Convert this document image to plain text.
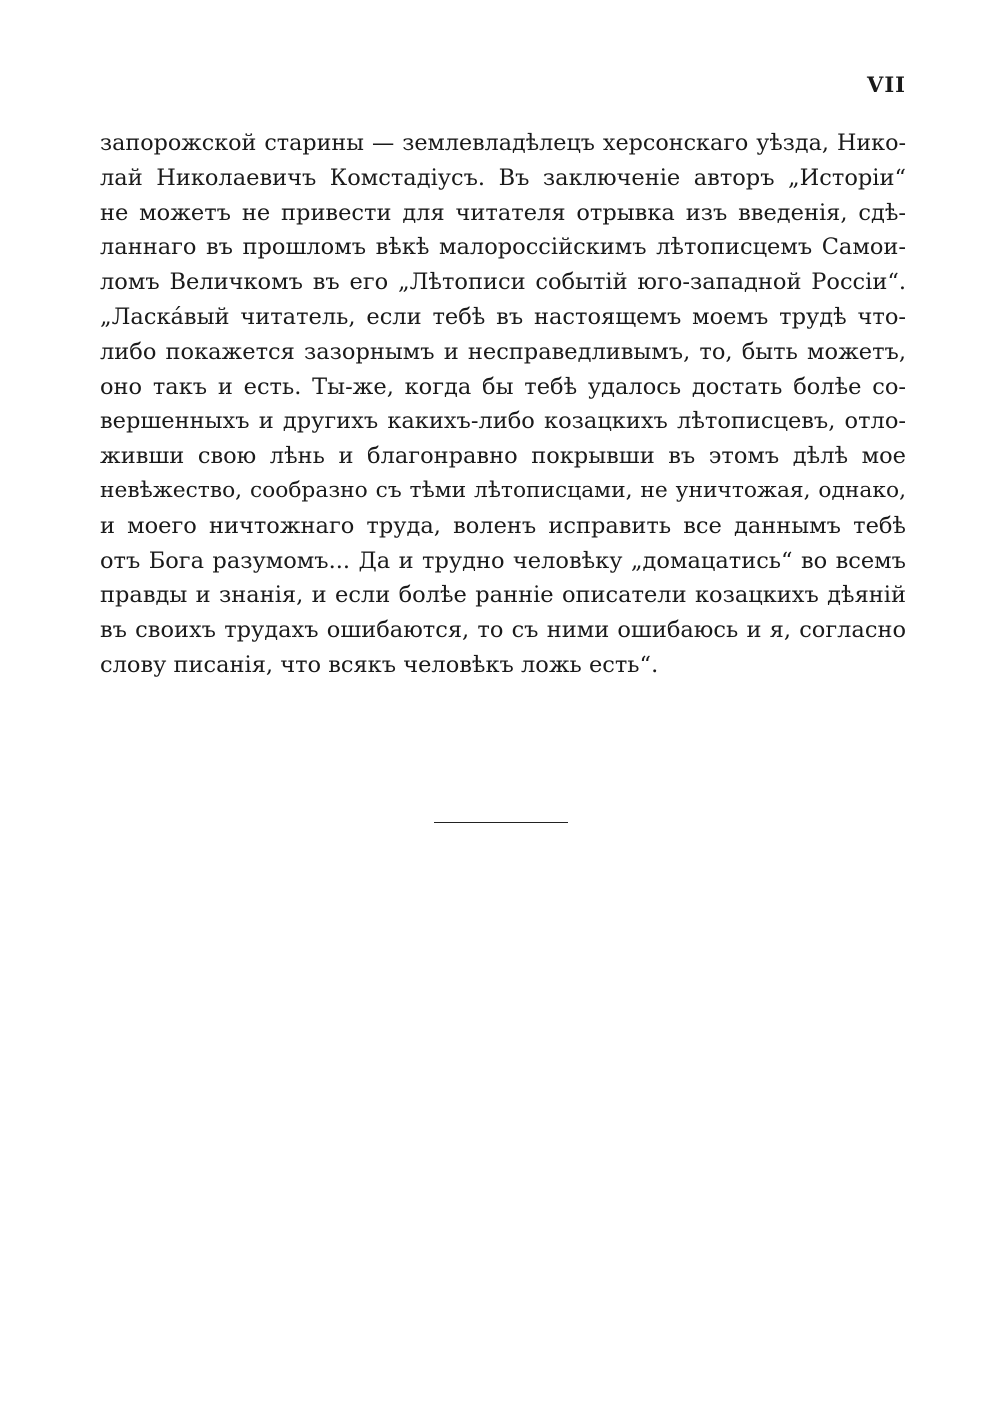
VII
запорожской старины — землевладѣлецъ херсонскаго уѣзда, Нико-
лай Николаевичъ Комстадіусъ. Въ заключеніе авторъ „Исторіи“
не можетъ не привести для читателя отрывка изъ введенія, сдѣ-
ланнаго въ прошломъ вѣкѣ малороссійскимъ лѣтописцемъ Самои-
ломъ Величкомъ въ его „Лѣтописи событій юго-западной Россіи“.
„Ласкáвый читатель, если тебѣ въ настоящемъ моемъ трудѣ что-
либо покажется зазорнымъ и несправедливымъ, то, быть можетъ,
оно такъ и есть. Ты-же, когда бы тебѣ удалось достать болѣе со-
вершенныхъ и другихъ какихъ-либо козацкихъ лѣтописцевъ, отло-
живши свою лѣнь и благонравно покрывши въ этомъ дѣлѣ мое
невѣжество, сообразно съ тѣми лѣтописцами, не уничтожая, однако,
и моего ничтожнаго труда, воленъ исправить все даннымъ тебѣ
отъ Бога разумомъ... Да и трудно человѣку „домацатись“ во всемъ
правды и знанія, и если болѣе ранніе описатели козацкихъ дѣяній
въ своихъ трудахъ ошибаются, то съ ними ошибаюсь и я, согласно
слову писанія, что всякъ человѣкъ ложь есть“.
